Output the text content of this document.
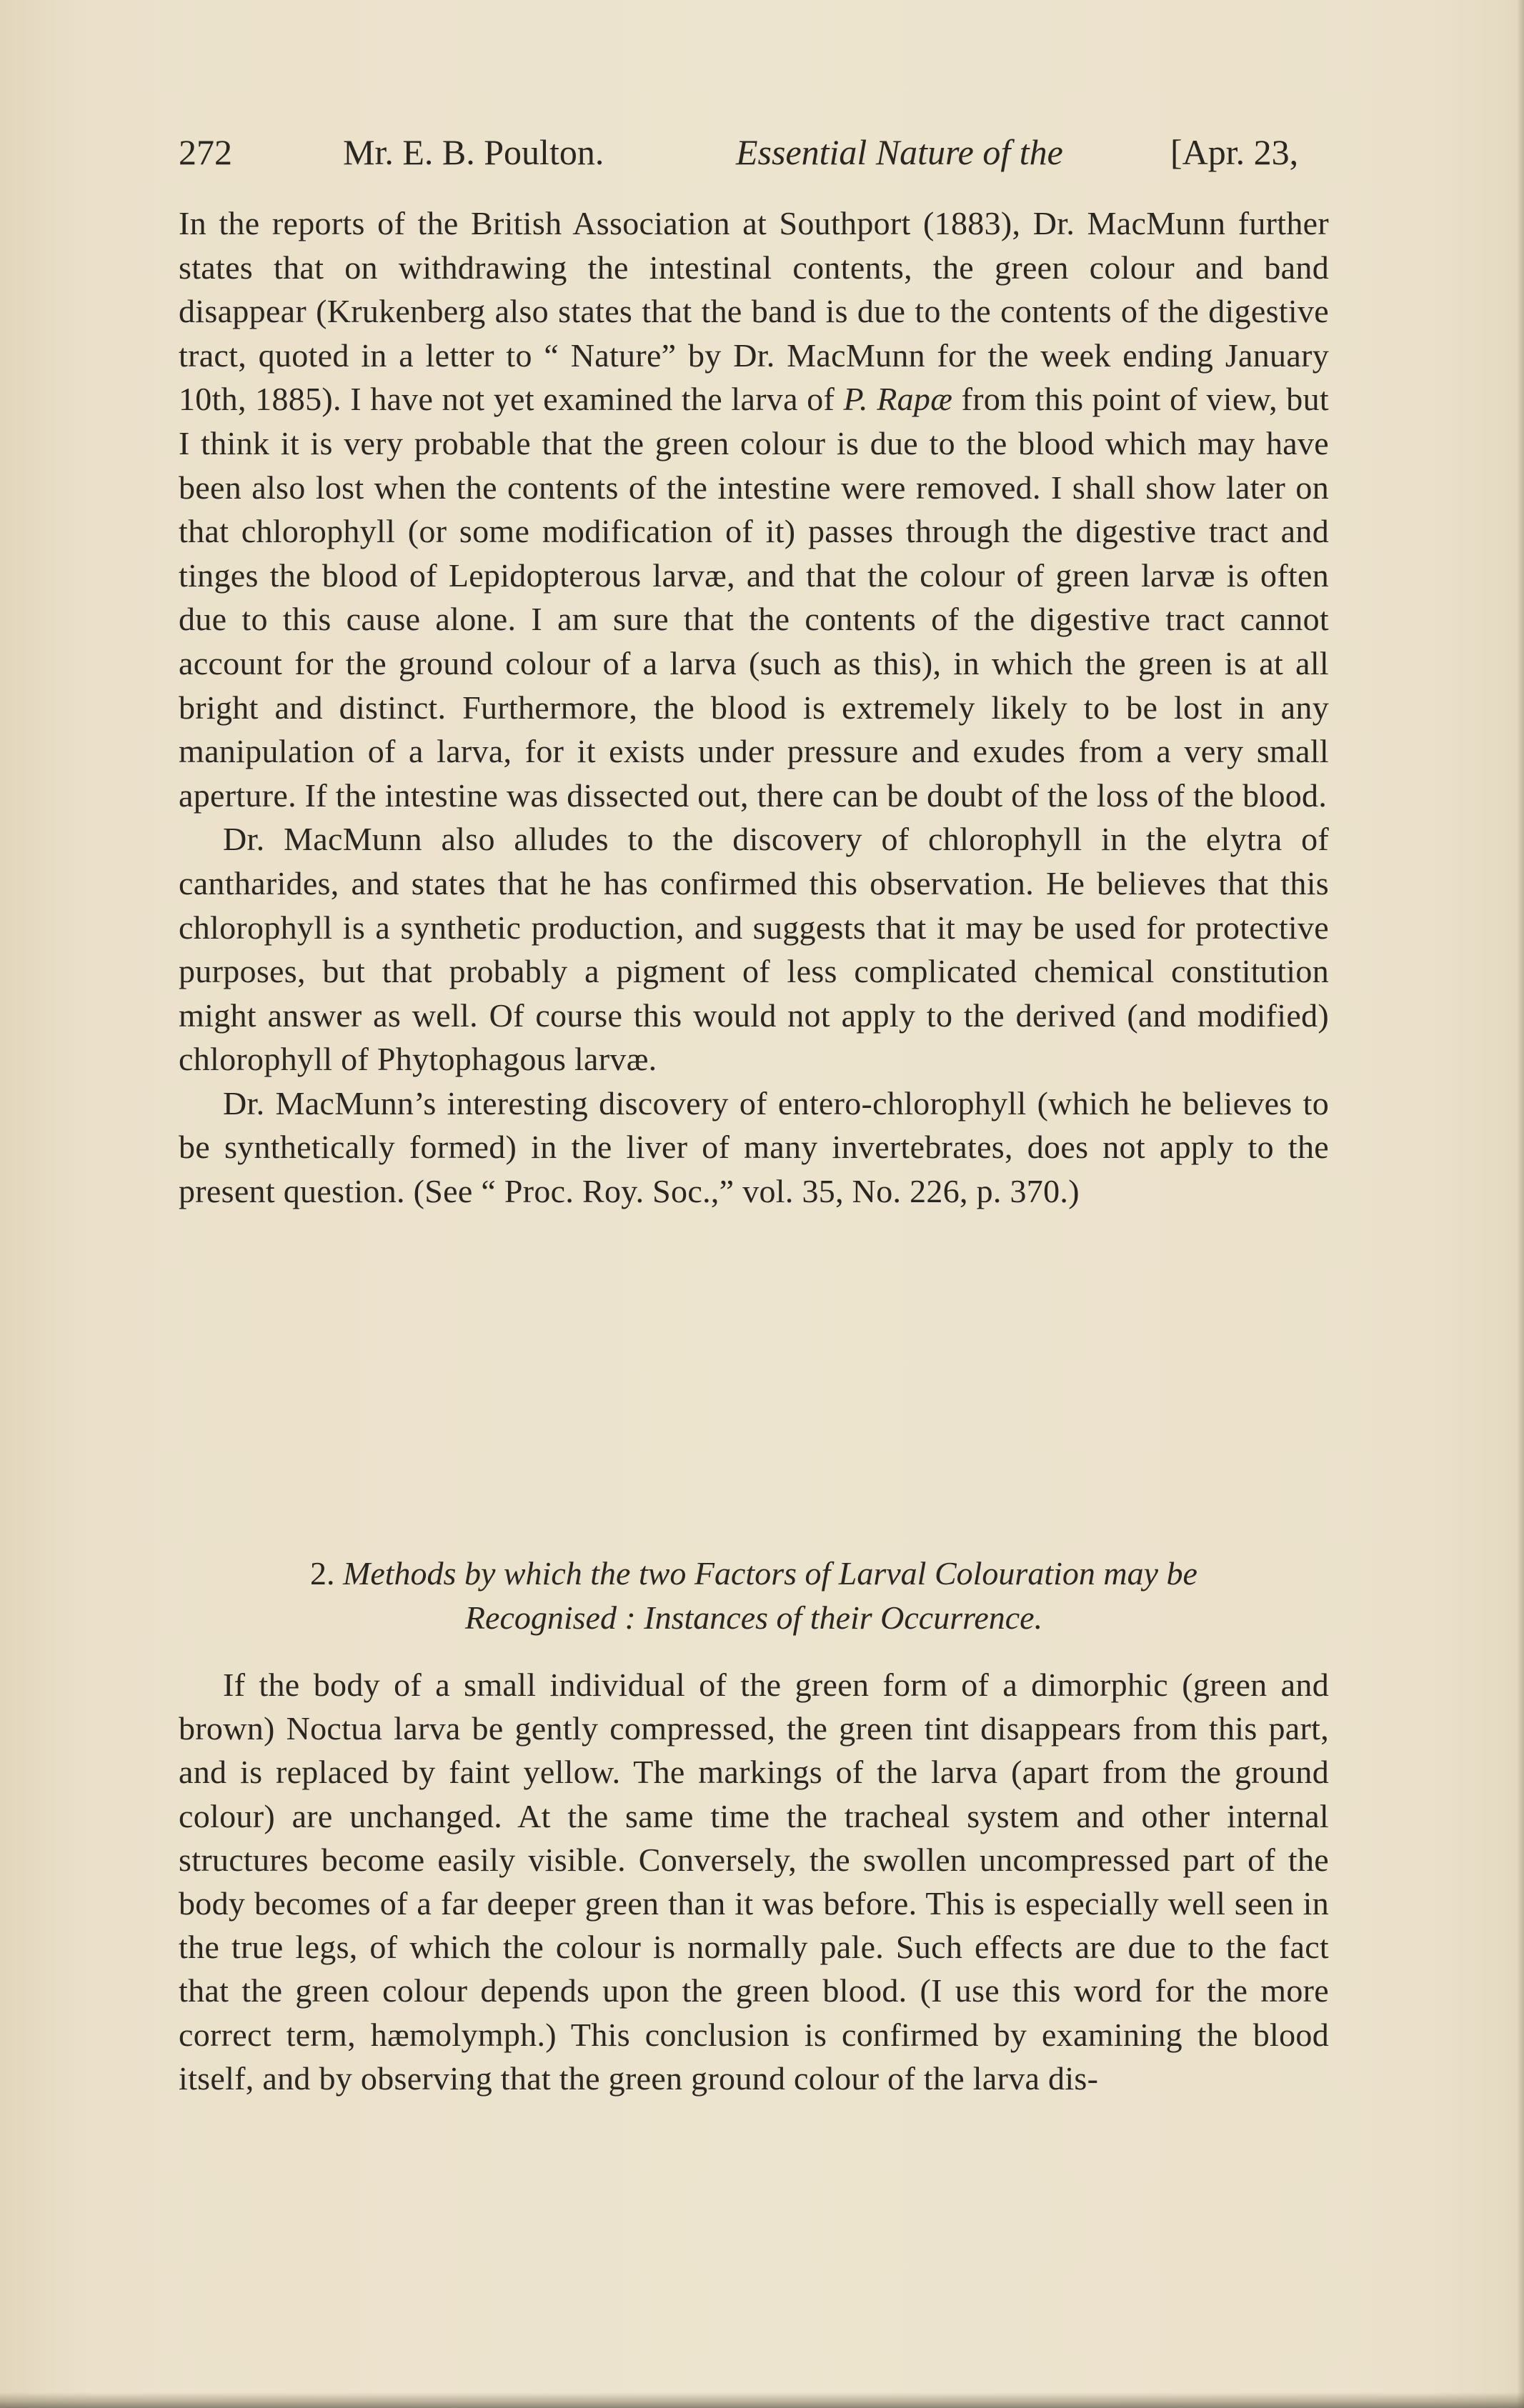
272	Mr. E. B. Poulton.	Essential Nature of the	[Apr. 23,

In the reports of the British Association at Southport (1883), Dr. MacMunn further states that on withdrawing the intestinal contents, the green colour and band disappear (Krukenberg also states that the band is due to the contents of the digestive tract, quoted in a letter to “ Nature” by Dr. MacMunn for the week ending January 10th, 1885). I have not yet examined the larva of P. Rapæ from this point of view, but I think it is very probable that the green colour is due to the blood which may have been also lost when the contents of the intestine were removed. I shall show later on that chlorophyll (or some modification of it) passes through the digestive tract and tinges the blood of Lepidopterous larvæ, and that the colour of green larvæ is often due to this cause alone. I am sure that the contents of the digestive tract cannot account for the ground colour of a larva (such as this), in which the green is at all bright and distinct. Furthermore, the blood is extremely likely to be lost in any manipulation of a larva, for it exists under pressure and exudes from a very small aperture. If the intestine was dissected out, there can be doubt of the loss of the blood.

Dr. MacMunn also alludes to the discovery of chlorophyll in the elytra of cantharides, and states that he has confirmed this observation. He believes that this chlorophyll is a synthetic production, and suggests that it may be used for protective purposes, but that probably a pigment of less complicated chemical constitution might answer as well. Of course this would not apply to the derived (and modified) chlorophyll of Phytophagous larvæ.

Dr. MacMunn’s interesting discovery of entero-chlorophyll (which he believes to be synthetically formed) in the liver of many invertebrates, does not apply to the present question. (See “ Proc. Roy. Soc.,” vol. 35, No. 226, p. 370.)

2. Methods by which the two Factors of Larval Colouration may be
Recognised : Instances of their Occurrence.

If the body of a small individual of the green form of a dimorphic (green and brown) Noctua larva be gently compressed, the green tint disappears from this part, and is replaced by faint yellow. The markings of the larva (apart from the ground colour) are unchanged. At the same time the tracheal system and other internal structures become easily visible. Conversely, the swollen uncompressed part of the body becomes of a far deeper green than it was before. This is especially well seen in the true legs, of which the colour is normally pale. Such effects are due to the fact that the green colour depends upon the green blood. (I use this word for the more correct term, hæmolymph.) This conclusion is confirmed by examining the blood itself, and by observing that the green ground colour of the larva dis-
